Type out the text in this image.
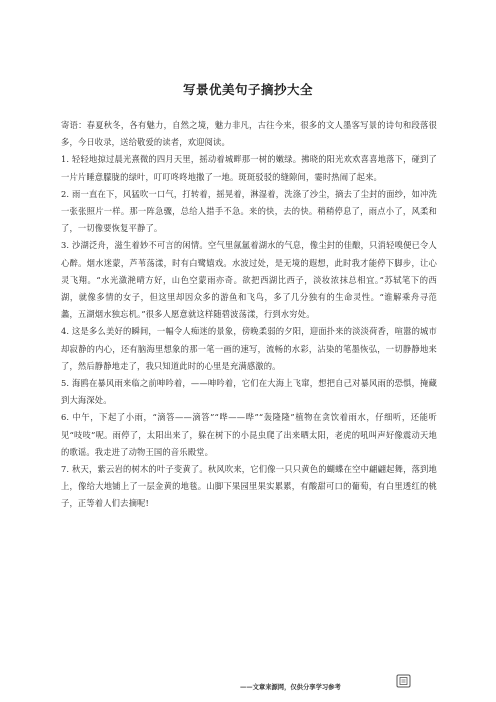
写景优美句子摘抄大全

寄语：春夏秋冬，各有魅力，自然之境，魅力非凡，古往今来，很多的文人墨客写景的诗句和段落很多，今日收录，送给敬爱的读者，欢迎阅读。

1. 轻轻地掠过晨光熹微的四月天里，摇动着城畔那一树的嫩绿。拂晓的阳光欢欢喜喜地落下，碰到了一片片睡意朦胧的绿叶，叮叮咚咚地撒了一地。斑斑驳驳的缝隙间，霎时热闹了起来。

2. 雨一直在下，风猛吹一口气，打转着，摇晃着，淋湿着，洗涤了沙尘，摘去了尘封的面纱，如冲洗一张张照片一样。那一阵急骤，总给人措手不急。来的快，去的快。稍稍停息了，雨点小了，风柔和了，一切像要恢复平静了。

3. 沙湖泛舟，滋生着妙不可言的闲情。空气里氤氲着湖水的气息，像尘封的佳酿，只消轻嗅便已令人心醉。烟水迷蒙，芦苇荡漾，时有白鹭嬉戏。水波过处，是无境的遐想，此时我才能停下脚步，让心灵飞翔。“水光潋滟晴方好，山色空蒙雨亦奇。欲把西湖比西子，淡妆浓抹总相宜。”苏轼笔下的西湖，就像多情的女子，但这里却因众多的游鱼和飞鸟，多了几分独有的生命灵性。“谁解乘舟寻范蠡，五湖烟水独忘机。”很多人愿意就这样随碧波荡漾，行到水穷处。

4. 这是多么美好的瞬间，一幅令人痴迷的景象，傍晚柔弱的夕阳，迎面扑来的淡淡荷香，喧嚣的城市却寂静的内心，还有脑海里想象的那一笔一画的速写，流畅的水彩，沾染的笔墨恢弘，一切静静地来了，然后静静地走了，我只知道此时的心里是充满感激的。

5. 海鸥在暴风雨来临之前呻吟着，——呻吟着，它们在大海上飞窜，想把自己对暴风雨的恐惧，掩藏到大海深处。

6. 中午，下起了小雨，“滴答——滴答”“哗——哗”“轰隆隆”植物在贪饮着雨水，仔细听，还能听见“吱吱”呢。雨停了，太阳出来了，躲在树下的小昆虫爬了出来晒太阳，老虎的吼叫声好像震动天地的歌谣。我走进了动物王国的音乐殿堂。

7. 秋天，紫云岩的树木的叶子变黄了。秋风吹来，它们像一只只黄色的蝴蝶在空中翩翩起舞，落到地上，像给大地铺上了一层金黄的地毯。山脚下果园里果实累累，有酸甜可口的葡萄，有白里透红的桃子，正等着人们去摘呢!

——文章来源网，仅供分享学习参考
